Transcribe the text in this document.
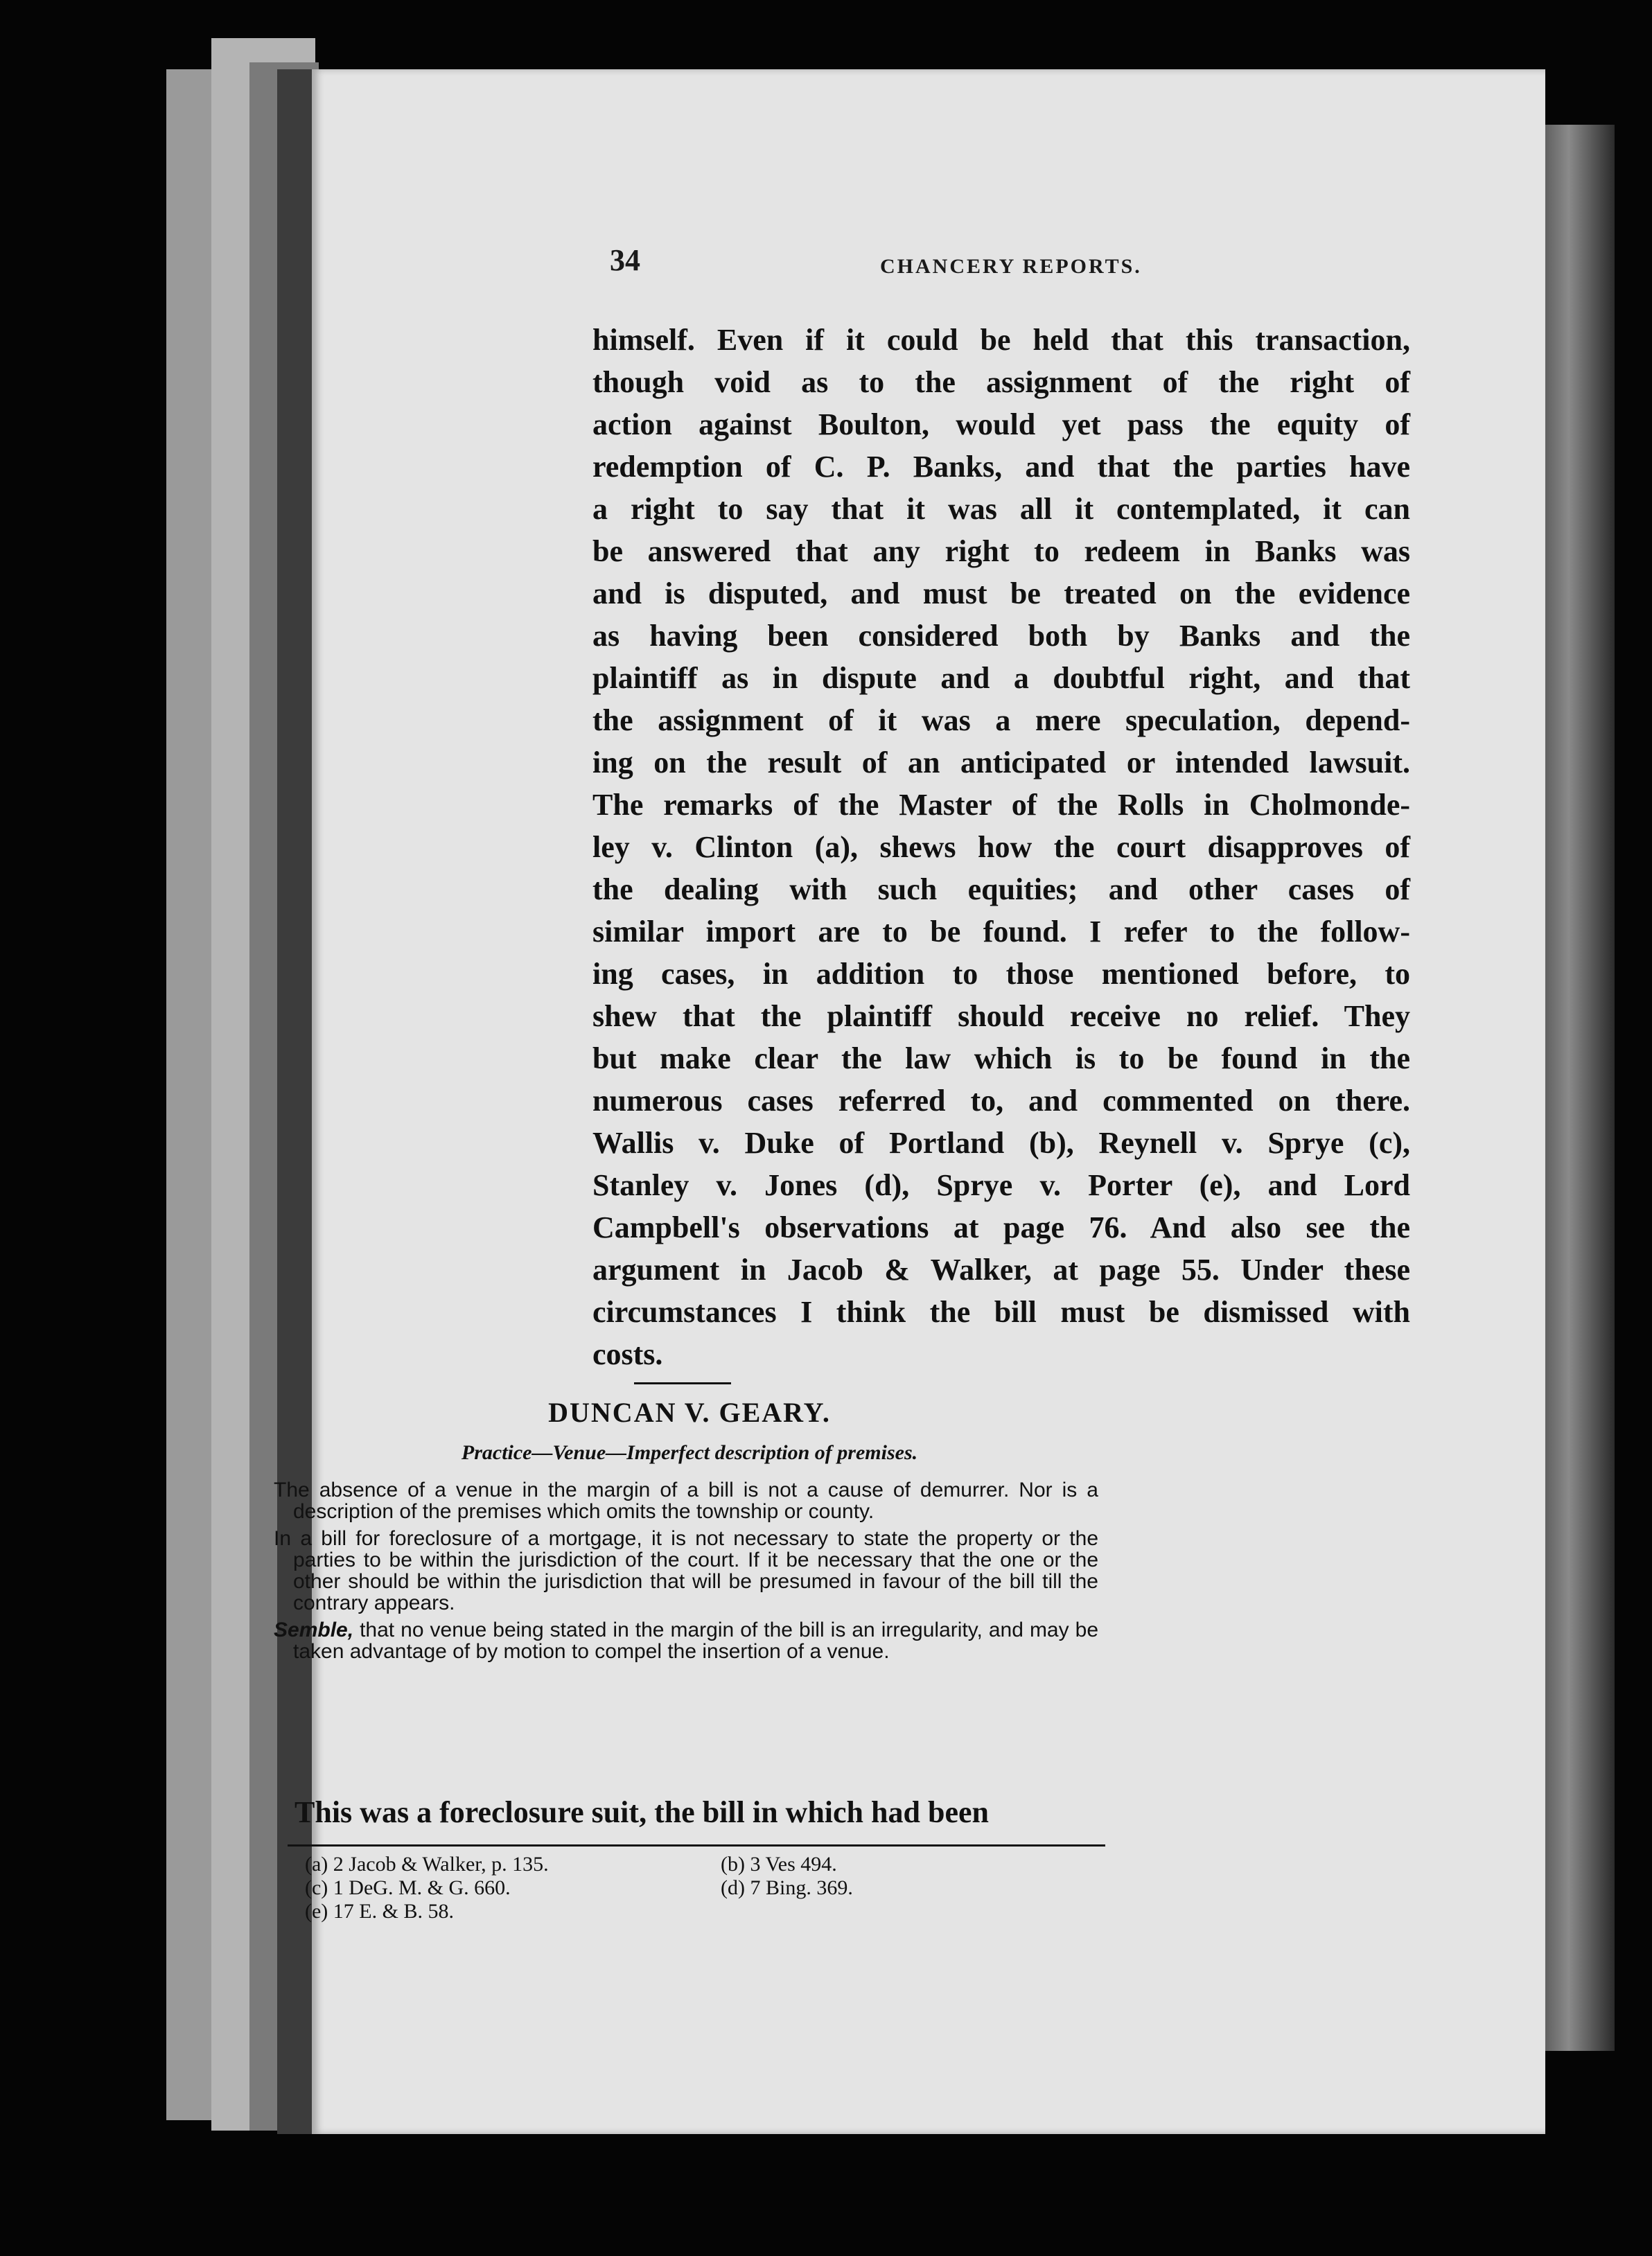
34	CHANCERY REPORTS.
himself. Even if it could be held that this transaction,
though void as to the assignment of the right of
action against Boulton, would yet pass the equity of
redemption of C. P. Banks, and that the parties have
a right to say that it was all it contemplated, it can
be answered that any right to redeem in Banks was
and is disputed, and must be treated on the evidence
as having been considered both by Banks and the
plaintiff as in dispute and a doubtful right, and that
the assignment of it was a mere speculation, depend-
ing on the result of an anticipated or intended lawsuit.
The remarks of the Master of the Rolls in Cholmonde-
ley v. Clinton (a), shews how the court disapproves of
the dealing with such equities; and other cases of
similar import are to be found. I refer to the follow-
ing cases, in addition to those mentioned before, to
shew that the plaintiff should receive no relief. They
but make clear the law which is to be found in the
numerous cases referred to, and commented on there.
Wallis v. Duke of Portland (b), Reynell v. Sprye (c),
Stanley v. Jones (d), Sprye v. Porter (e), and Lord
Campbell's observations at page 76. And also see the
argument in Jacob & Walker, at page 55. Under these
circumstances I think the bill must be dismissed with
costs.
DUNCAN V. GEARY.
Practice—Venue—Imperfect description of premises.

The absence of a venue in the margin of a bill is not a cause of demurrer. Nor is a description of the premises which omits the township or county.

In a bill for foreclosure of a mortgage, it is not necessary to state the property or the parties to be within the jurisdiction of the court. If it be necessary that the one or the other should be within the jurisdiction that will be presumed in favour of the bill till the contrary appears.

Semble, that no venue being stated in the margin of the bill is an irregularity, and may be taken advantage of by motion to compel the insertion of a venue.

This was a foreclosure suit, the bill in which had been
(a) 2 Jacob & Walker, p. 135.
(c) 1 DeG. M. & G. 660.
(e) 17 E. & B. 58.
(b) 3 Ves 494.
(d) 7 Bing. 369.
